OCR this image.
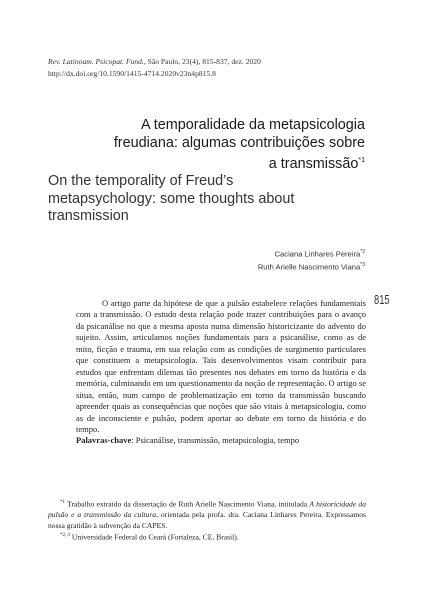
Rev. Latinoam. Psicopat. Fund., São Paulo, 23(4), 815-837, dez. 2020
http://dx.doi.org/10.1590/1415-4714.2020v23n4p815.8
A temporalidade da metapsicologia
freudiana: algumas contribuições sobre
a transmissão$^{*1}$
On the temporality of Freud’s
metapsychology: some thoughts about
transmission
Caciana Linhares Pereira$^{*2}$
Ruth Arielle Nascimento Viana$^{*3}$
815

O artigo parte da hipótese de que a pulsão estabelece relações fundamentais com a transmissão. O estudo desta relação pode trazer contribuições para o avanço da psicanálise no que a mesma aposta numa dimensão historicizante do advento do sujeito. Assim, articulamos noções fundamentais para a psicanálise, como as de mito, ficção e trauma, em sua relação com as condições de surgimento particulares que constituem a metapsicologia. Tais desenvolvimentos visam contribuir para estudos que enfrentam dilemas tão presentes nos debates em torno da história e da memória, culminando em um questionamento da noção de representação. O artigo se situa, então, num campo de problematização em torno da transmissão buscando apreender quais as consequências que noções que são vitais à metapsicologia, como as de inconsciente e pulsão, podem aportar ao debate em torno da história e do tempo.

Palavras-chave: Psicanálise, transmissão, metapsicologia, tempo

$^{*1}$ Trabalho extraído da dissertação de Ruth Arielle Nascimento Viana, intitulada A historicidade da pulsão e a transmissão da cultura, orientada pela profa. dra. Caciana Linhares Pereira. Expressamos nossa gratidão à subvenção da CAPES.

$^{*2, 3}$ Universidade Federal do Ceará (Fortaleza, CE, Brasil).
